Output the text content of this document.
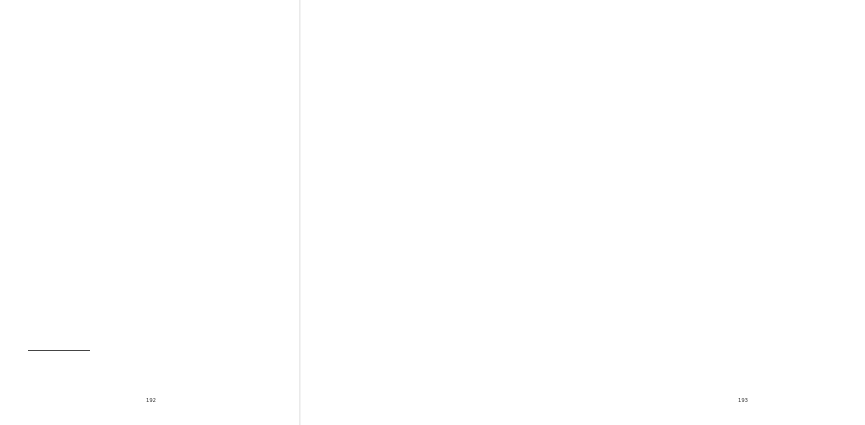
192	193
